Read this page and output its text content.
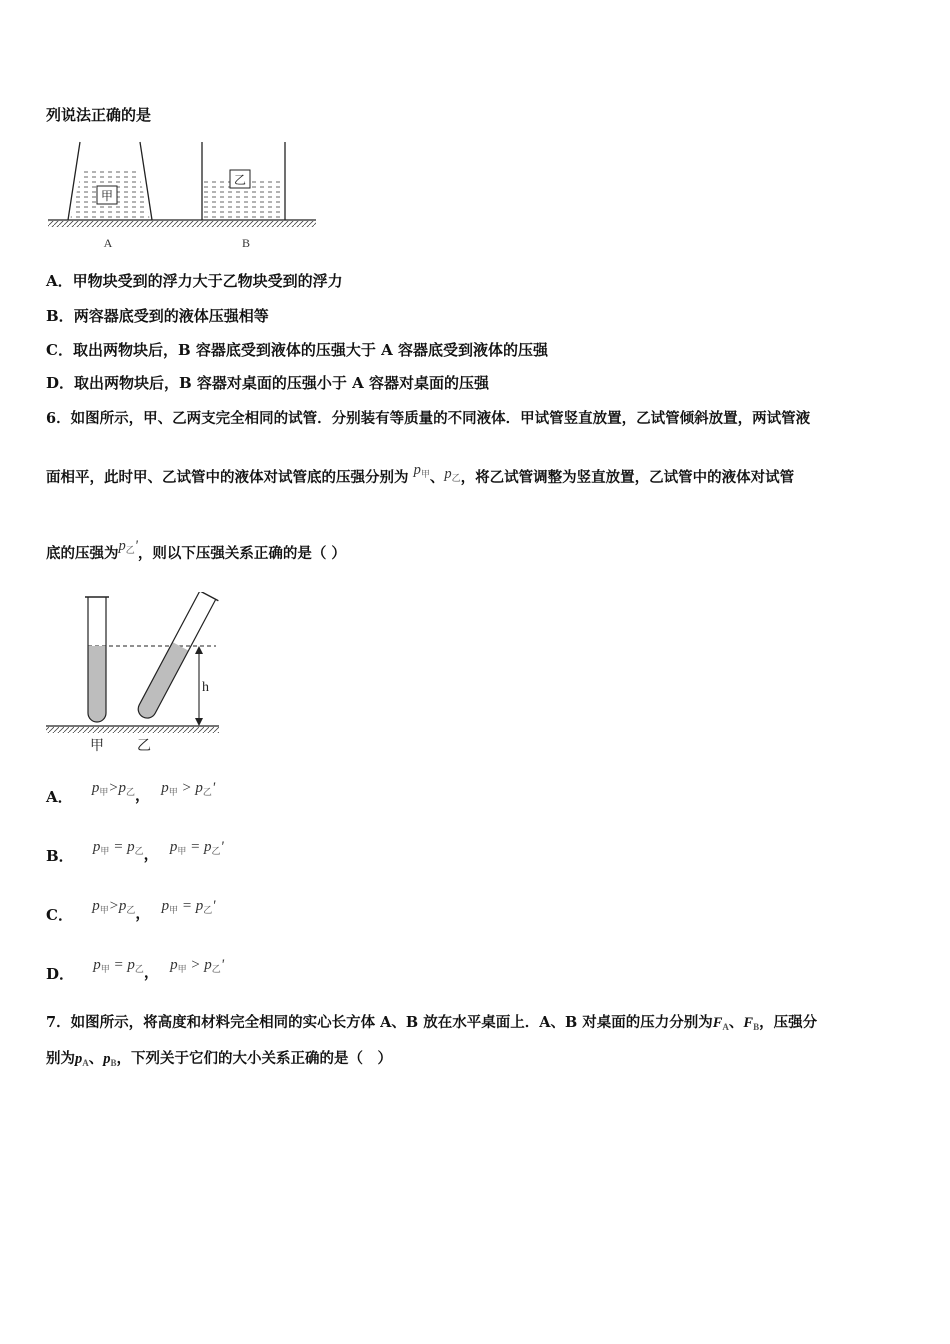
列说法正确的是
甲
乙
A	B
A．甲物块受到的浮力大于乙物块受到的浮力
B．两容器底受到的液体压强相等
C．取出两物块后，B 容器底受到液体的压强大于 A 容器底受到液体的压强
D．取出两物块后，B 容器对桌面的压强小于 A 容器对桌面的压强
6．如图所示，甲、乙两支完全相同的试管．分别装有等质量的不同液体．甲试管竖直放置，乙试管倾斜放置，两试管液
面相平，此时甲、乙试管中的液体对试管底的压强分别为 $p_甲$、$p_乙$，将乙试管调整为竖直放置，乙试管中的液体对试管
底的压强为$p_乙'$，则以下压强关系正确的是（ ）
h
甲 乙
A． $p_甲>p_乙$， $p_甲 > p_乙'$
B． $p_甲 = p_乙$， $p_甲 = p_乙'$
C． $p_甲>p_乙$， $p_甲 = p_乙'$
D． $p_甲 = p_乙$， $p_甲 > p_乙'$
7．如图所示，将高度和材料完全相同的实心长方体 A、B 放在水平桌面上．A、B 对桌面的压力分别为$F_A$、$F_B$，压强分
别为$p_A$、$p_B$，下列关于它们的大小关系正确的是（　）
